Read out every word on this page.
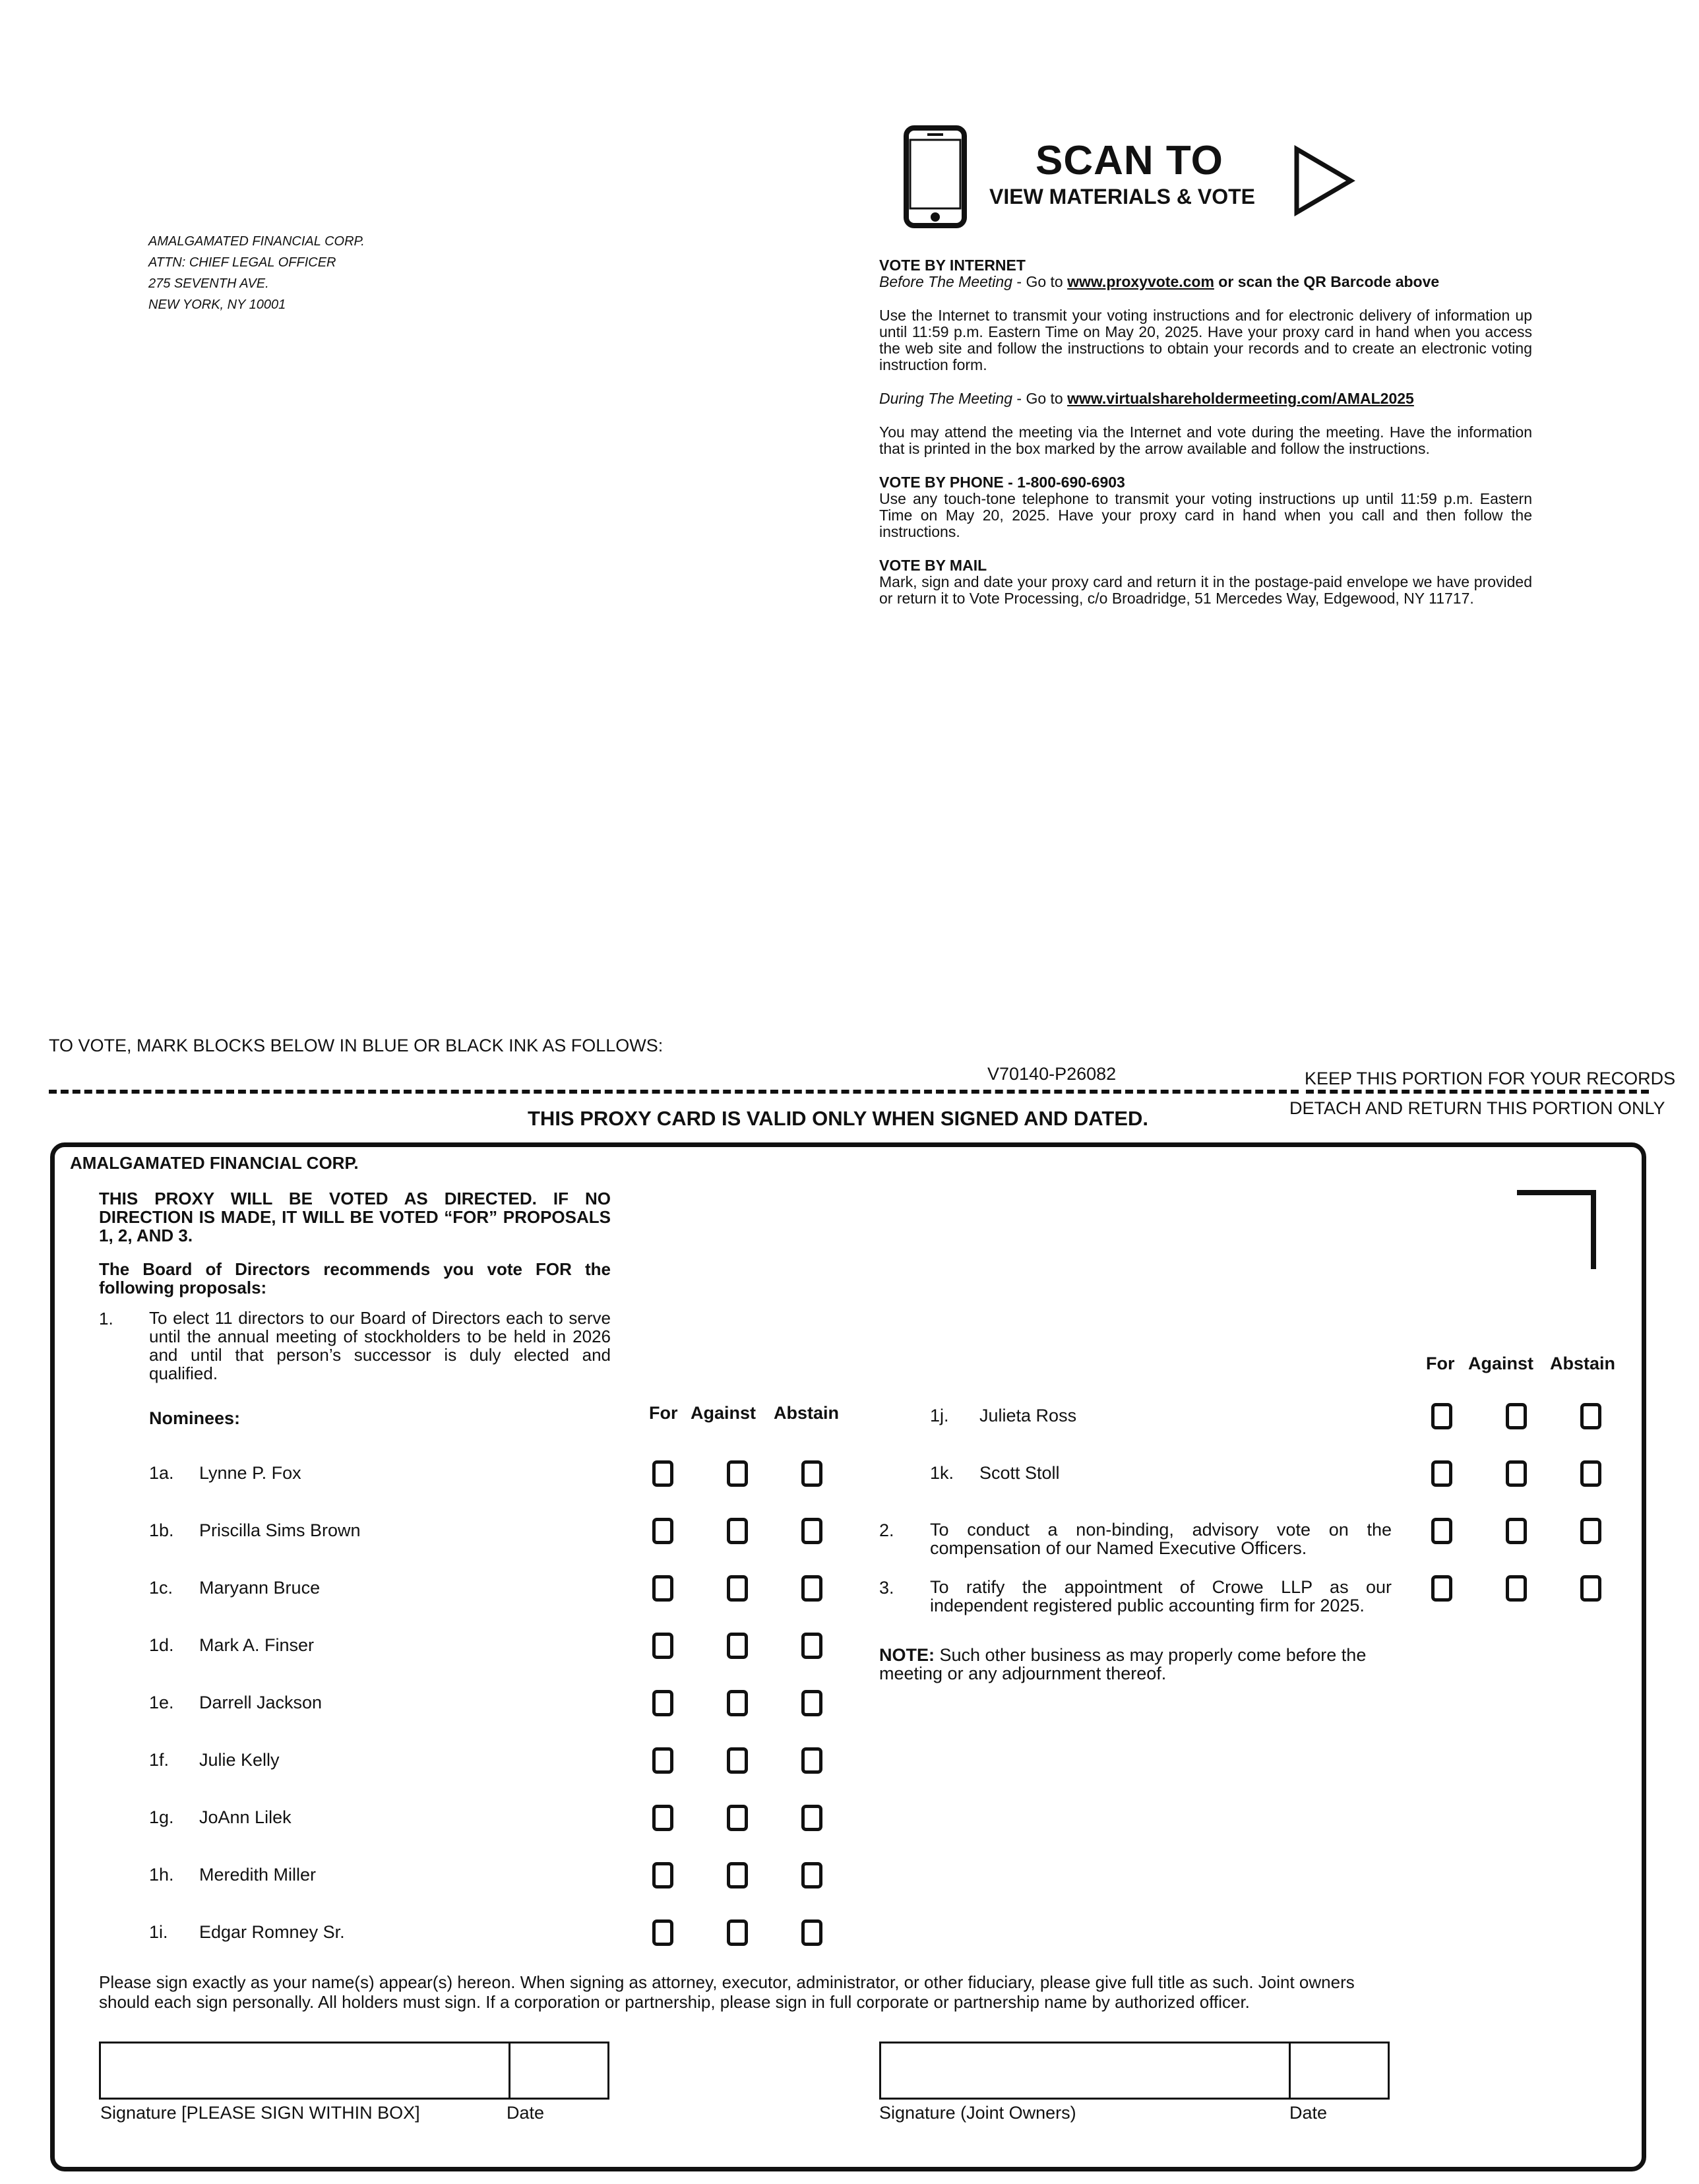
AMALGAMATED FINANCIAL CORP.
ATTN: CHIEF LEGAL OFFICER
275 SEVENTH AVE.
NEW YORK, NY 10001
SCAN TO
VIEW MATERIALS & VOTE

VOTE BY INTERNET

Before The Meeting - Go to www.proxyvote.com or scan the QR Barcode above

Use the Internet to transmit your voting instructions and for electronic delivery of information up until 11:59 p.m. Eastern Time on May 20, 2025. Have your proxy card in hand when you access the web site and follow the instructions to obtain your records and to create an electronic voting instruction form.

During The Meeting - Go to www.virtualshareholdermeeting.com/AMAL2025

You may attend the meeting via the Internet and vote during the meeting. Have the information that is printed in the box marked by the arrow available and follow the instructions.

VOTE BY PHONE - 1-800-690-6903

Use any touch-tone telephone to transmit your voting instructions up until 11:59 p.m. Eastern Time on May 20, 2025. Have your proxy card in hand when you call and then follow the instructions.

VOTE BY MAIL

Mark, sign and date your proxy card and return it in the postage-paid envelope we have provided or return it to Vote Processing, c/o Broadridge, 51 Mercedes Way, Edgewood, NY 11717.

TO VOTE, MARK BLOCKS BELOW IN BLUE OR BLACK INK AS FOLLOWS:
V70140-P26082	KEEP THIS PORTION FOR YOUR RECORDS
DETACH AND RETURN THIS PORTION ONLY
THIS PROXY CARD IS VALID ONLY WHEN SIGNED AND DATED.
AMALGAMATED FINANCIAL CORP.
THIS PROXY WILL BE VOTED AS DIRECTED. IF NO DIRECTION IS MADE, IT WILL BE VOTED “FOR” PROPOSALS 1, 2, AND 3.
The Board of Directors recommends you vote FOR the following proposals:
1. To elect 11 directors to our Board of Directors each to serve until the annual meeting of stockholders to be held in 2026 and until that person’s successor is duly elected and qualified.
For Against Abstain
Nominees:
For Against Abstain
1a. Lynne P. Fox
1b. Priscilla Sims Brown
1c. Maryann Bruce
1d. Mark A. Finser
1e. Darrell Jackson
1f. Julie Kelly
1g. JoAnn Lilek
1h. Meredith Miller
1i. Edgar Romney Sr.
1j. Julieta Ross
1k. Scott Stoll
2. To conduct a non-binding, advisory vote on the compensation of our Named Executive Officers.
3. To ratify the appointment of Crowe LLP as our independent registered public accounting firm for 2025.
NOTE: Such other business as may properly come before the meeting or any adjournment thereof.
Please sign exactly as your name(s) appear(s) hereon. When signing as attorney, executor, administrator, or other fiduciary, please give full title as such. Joint owners should each sign personally. All holders must sign. If a corporation or partnership, please sign in full corporate or partnership name by authorized officer.
Signature [PLEASE SIGN WITHIN BOX]	Date	Signature (Joint Owners)	Date
